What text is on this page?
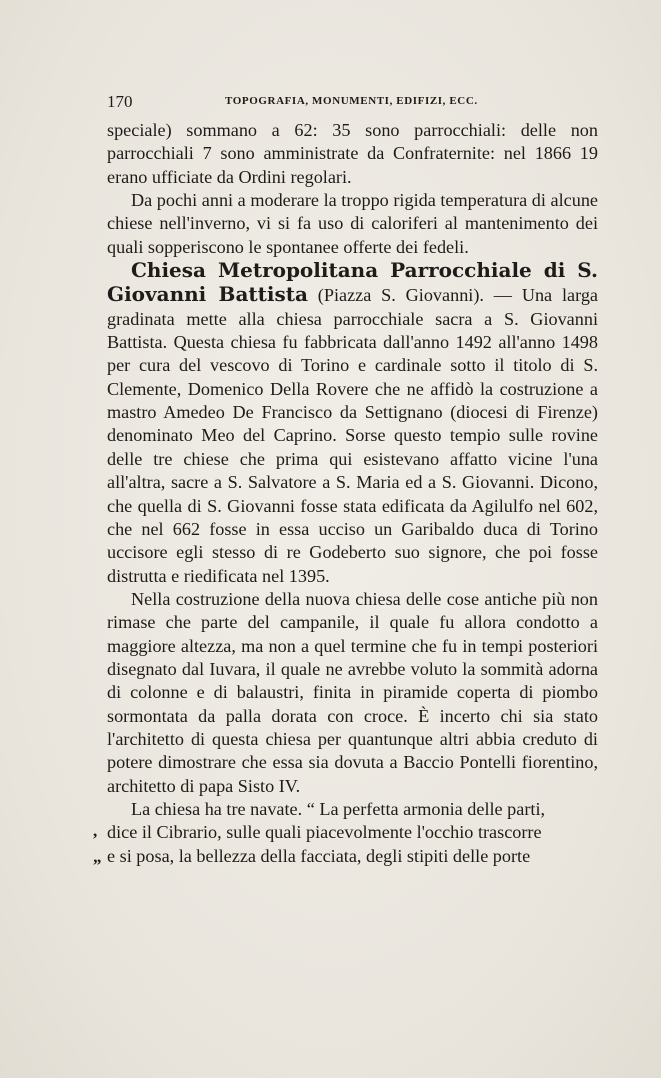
170	TOPOGRAFIA, MONUMENTI, EDIFIZI, ECC.

speciale) sommano a 62: 35 sono parrocchiali: delle non parrocchiali 7 sono amministrate da Confraternite: nel 1866 19 erano ufficiate da Ordini regolari.

Da pochi anni a moderare la troppo rigida temperatura di alcune chiese nell'inverno, vi si fa uso di caloriferi al mantenimento dei quali sopperiscono le spontanee offerte dei fedeli.

Chiesa Metropolitana Parrocchiale di S. Giovanni Battista (Piazza S. Giovanni). — Una larga gradinata mette alla chiesa parrocchiale sacra a S. Giovanni Battista. Questa chiesa fu fabbricata dall'anno 1492 all'anno 1498 per cura del vescovo di Torino e cardinale sotto il titolo di S. Clemente, Domenico Della Rovere che ne affidò la costruzione a mastro Amedeo De Francisco da Settignano (diocesi di Firenze) denominato Meo del Caprino. Sorse questo tempio sulle rovine delle tre chiese che prima qui esistevano affatto vicine l'una all'altra, sacre a S. Salvatore a S. Maria ed a S. Giovanni. Dicono, che quella di S. Giovanni fosse stata edificata da Agilulfo nel 602, che nel 662 fosse in essa ucciso un Garibaldo duca di Torino uccisore egli stesso di re Godeberto suo signore, che poi fosse distrutta e riedificata nel 1395.

Nella costruzione della nuova chiesa delle cose antiche più non rimase che parte del campanile, il quale fu allora condotto a maggiore altezza, ma non a quel termine che fu in tempi posteriori disegnato dal Iuvara, il quale ne avrebbe voluto la sommità adorna di colonne e di balaustri, finita in piramide coperta di piombo sormontata da palla dorata con croce. È incerto chi sia stato l'architetto di questa chiesa per quantunque altri abbia creduto di potere dimostrare che essa sia dovuta a Baccio Pontelli fiorentino, architetto di papa Sisto IV.

La chiesa ha tre navate. “ La perfetta armonia delle parti,

, dice il Cibrario, sulle quali piacevolmente l'occhio trascorre

„ e si posa, la bellezza della facciata, degli stipiti delle porte
